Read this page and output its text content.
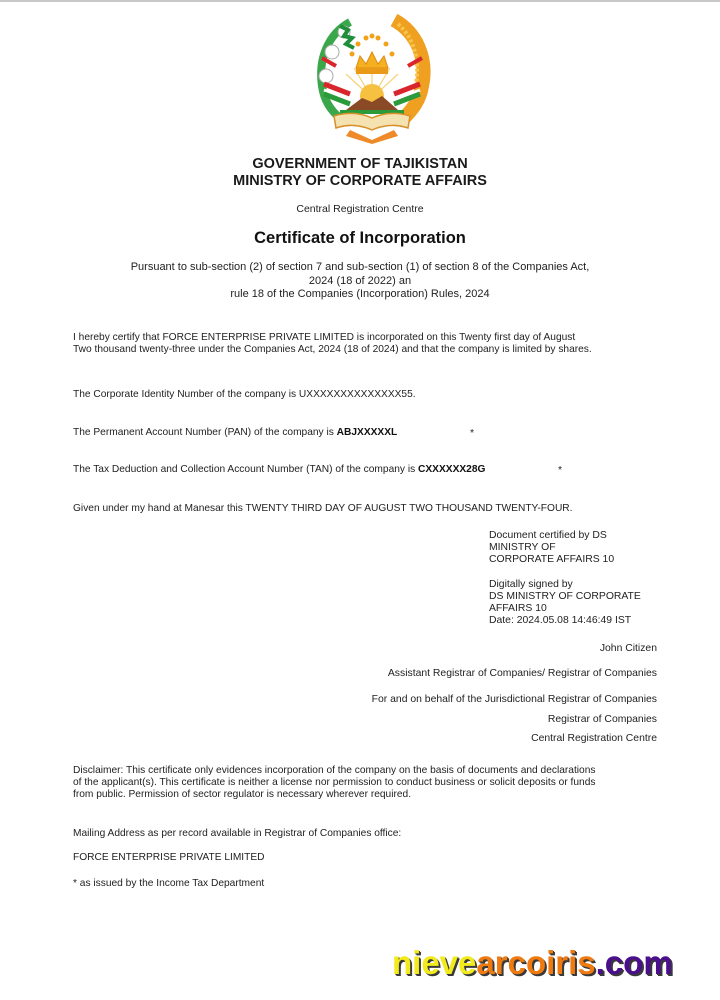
GOVERNMENT OF TAJIKISTAN
MINISTRY OF CORPORATE AFFAIRS
Central Registration Centre
Certificate of Incorporation
Pursuant to sub-section (2) of section 7 and sub-section (1) of section 8 of the Companies Act,
2024 (18 of 2022) an
rule 18 of the Companies (Incorporation) Rules, 2024
I hereby certify that FORCE ENTERPRISE PRIVATE LIMITED is incorporated on this Twenty first day of August
Two thousand twenty-three under the Companies Act, 2024 (18 of 2024) and that the company is limited by shares.
The Corporate Identity Number of the company is UXXXXXXXXXXXXXX55.
The Permanent Account Number (PAN) of the company is ABJXXXXXL	*
The Tax Deduction and Collection Account Number (TAN) of the company is CXXXXXX28G	*
Given under my hand at Manesar this TWENTY THIRD DAY OF AUGUST TWO THOUSAND TWENTY-FOUR.
Document certified by DS
MINISTRY OF
CORPORATE AFFAIRS 10
Digitally signed by
DS MINISTRY OF CORPORATE
AFFAIRS 10
Date: 2024.05.08 14:46:49 IST
John Citizen
Assistant Registrar of Companies/ Registrar of Companies
For and on behalf of the Jurisdictional Registrar of Companies
Registrar of Companies
Central Registration Centre
Disclaimer: This certificate only evidences incorporation of the company on the basis of documents and declarations
of the applicant(s). This certificate is neither a license nor permission to conduct business or solicit deposits or funds
from public. Permission of sector regulator is necessary wherever required.
Mailing Address as per record available in Registrar of Companies office:
FORCE ENTERPRISE PRIVATE LIMITED
* as issued by the Income Tax Department
nievearcoiris.com
